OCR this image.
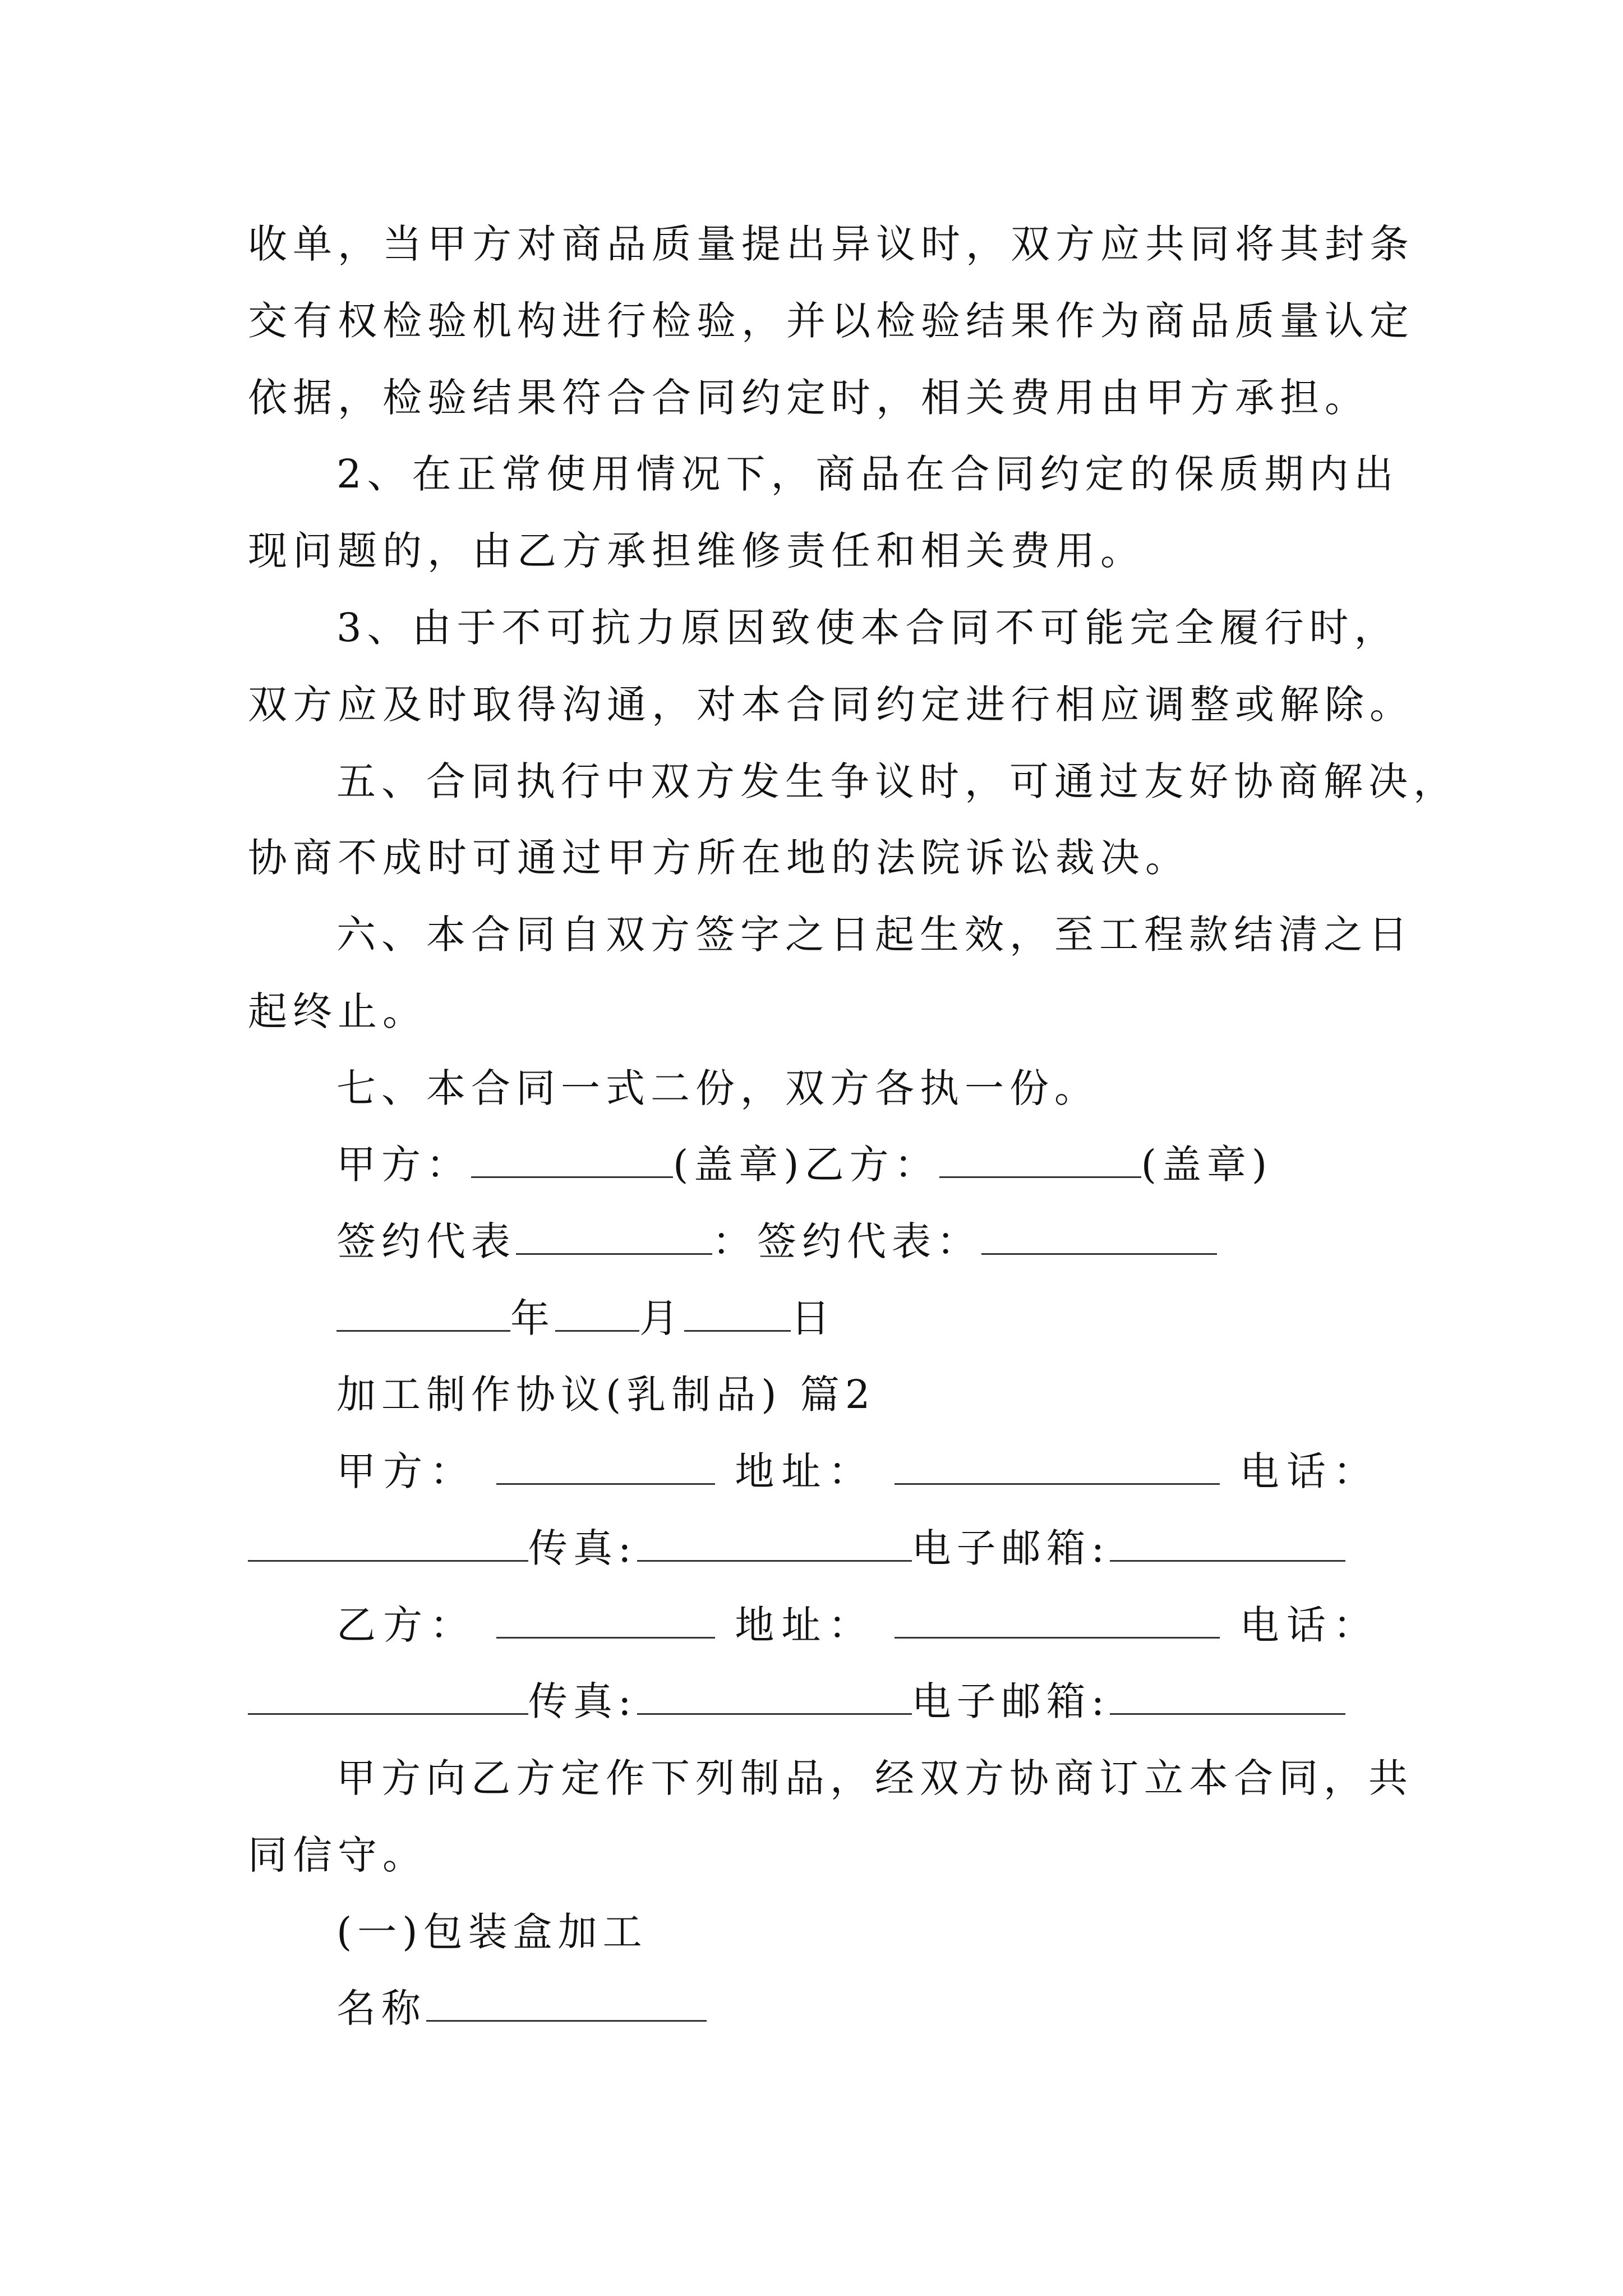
收单，当甲方对商品质量提出异议时，双方应共同将其封条
交有权检验机构进行检验，并以检验结果作为商品质量认定
依据，检验结果符合合同约定时，相关费用由甲方承担。
2、在正常使用情况下，商品在合同约定的保质期内出
现问题的，由乙方承担维修责任和相关费用。
3、由于不可抗力原因致使本合同不可能完全履行时，
双方应及时取得沟通，对本合同约定进行相应调整或解除。
五、合同执行中双方发生争议时，可通过友好协商解决，
协商不成时可通过甲方所在地的法院诉讼裁决。
六、本合同自双方签字之日起生效，至工程款结清之日
起终止。
七、本合同一式二份，双方各执一份。
甲方：	(盖章)乙方：	(盖章)
签约代表	：签约代表：
年 月	日
加工制作协议(乳制品) 篇2
甲方：	地址：	电话：
传真:	电子邮箱:
乙方：	地址：	电话：
传真:	电子邮箱:
甲方向乙方定作下列制品，经双方协商订立本合同，共
同信守。
(一)包装盒加工
名称
